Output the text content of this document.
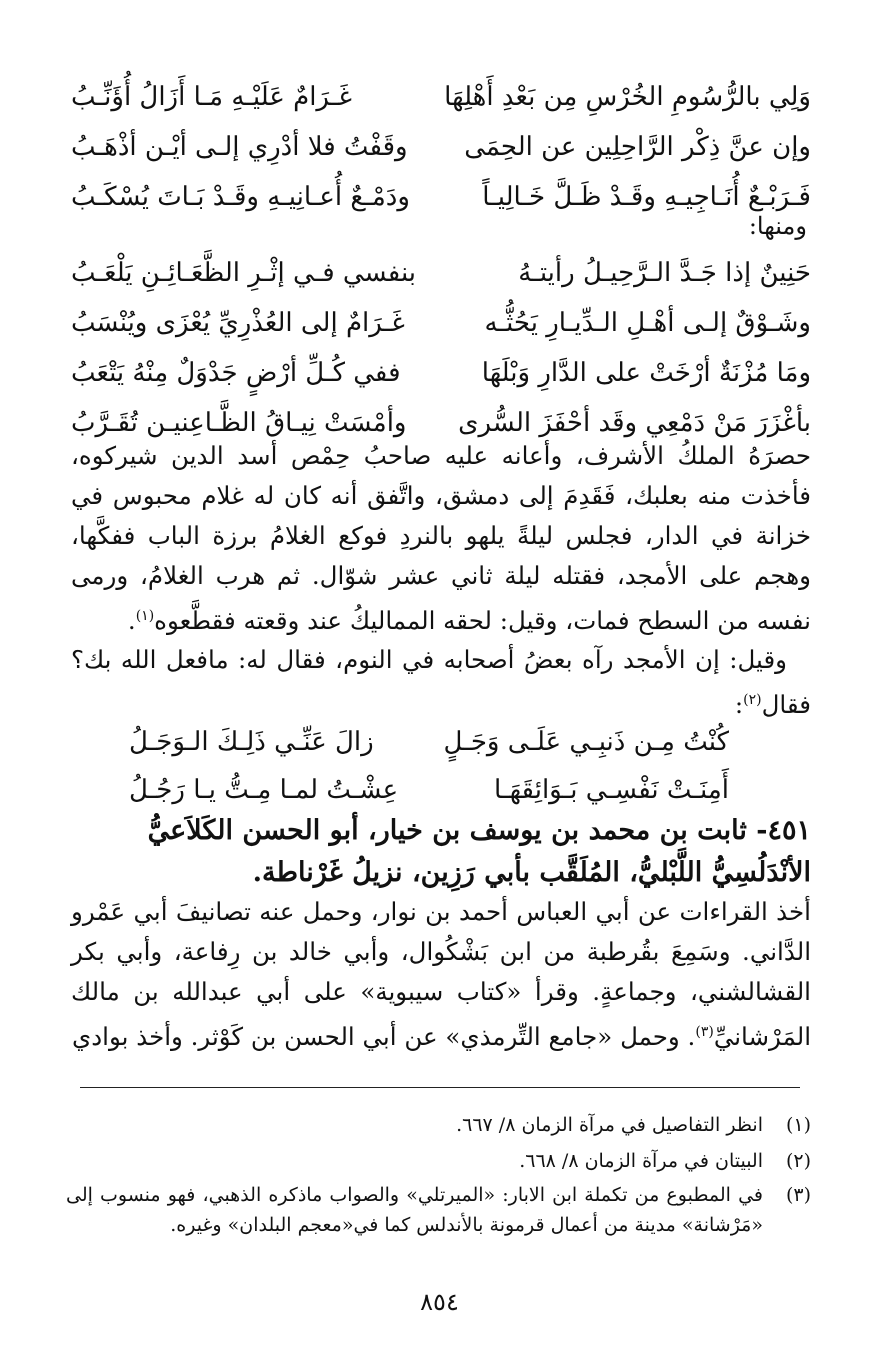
وَلِي بالرُّسُومِ الخُرْسِ مِن بَعْدِ أَهْلِهَا
غَـرَامٌ عَلَيْـهِ مَـا أَزَالُ أُؤَنِّـبُ
وإن عنَّ ذِكْر الرَّاحِلِين عن الحِمَى
وقَفْتُ فلا أدْرِي إلـى أيْـن أذْهَـبُ
فَـرَبْـعٌ أُنَـاجِيـهِ وقَـدْ ظَـلَّ خَـالِيـاً
ودَمْـعٌ أُعـانِيـهِ وقَـدْ بَـاتَ يُسْكَـبُ
ومنها:
حَنِينٌ إذا جَـدَّ الـرَّحِيـلُ رأيتـهُ
بنفسي فـي إثْـرِ الظَّعَـائِـنِ يَلْعَـبُ
وشَـوْقٌ إلـى أهْـلِ الـدِّيـارِ يَحُثُّـه
غَـرَامٌ إلى العُذْرِيِّ يُعْزَى ويُنْسَبُ
ومَا مُزْنَةٌ أرْخَتْ على الدَّارِ وَبْلَهَا
ففي كُـلِّ أرْضٍ جَدْوَلٌ مِنْهُ يَتْعَبُ
بأغْزَرَ مَنْ دَمْعِي وقَد أحْفَزَ السُّرى
وأمْسَتْ نِيـاقُ الظَّـاعِنيـن تُقَـرَّبُ

حصرَهُ الملكُ الأشرف، وأعانه عليه صاحبُ حِمْص أسد الدين شيركوه، فأخذت منه بعلبك، فَقَدِمَ إلى دمشق، واتَّفق أنه كان له غلام محبوس في خزانة في الدار، فجلس ليلةً يلهو بالنردِ فوكع الغلامُ برزة الباب ففكَّها، وهجم على الأمجد، فقتله ليلة ثاني عشر شوّال. ثم هرب الغلامُ، ورمى نفسه من السطح فمات، وقيل: لحقه المماليكُ عند وقعته فقطَّعوه$^{(١)}$.

وقيل: إن الأمجد رآه بعضُ أصحابه في النوم، فقال له: مافعل الله بك؟ فقال$^{(٢)}$:

كُنْتُ مِـن ذَنبِـي عَلَـى وَجَـلٍ
زالَ عَنِّـي ذَلِـكَ الـوَجَـلُ
أَمِنَـتْ نَفْسِـي بَـوَائِقَهَـا
عِشْـتُ لمـا مِـتُّ يـا رَجُـلُ
٤٥١- ثابت بن محمد بن يوسف بن خيار، أبو الحسن الكَلاَعيُّ الأنْدَلُسِيُّ اللَّبْليُّ، المُلَقَّب بأبي رَزِين، نزيلُ غَرْناطة.

أخذ القراءات عن أبي العباس أحمد بن نوار، وحمل عنه تصانيفَ أبي عَمْرو الدَّاني. وسَمِعَ بقُرطبة من ابن بَشْكُوال، وأبي خالد بن رِفاعة، وأبي بكر القشالشني، وجماعةٍ. وقرأ «كتاب سيبوية» على أبي عبدالله بن مالك المَرْشانيِّ$^{(٣)}$. وحمل «جامع التِّرمذي» عن أبي الحسن بن كَوْثر. وأخذ بوادي

(١)
انظر التفاصيل في مرآة الزمان ٨/ ٦٦٧.
(٢)
البيتان في مرآة الزمان ٨/ ٦٦٨.
(٣)
في المطبوع من تكملة ابن الابار: «الميرتلي» والصواب ماذكره الذهبي، فهو منسوب إلى «مَرْشانة» مدينة من أعمال قرمونة بالأندلس كما في«معجم البلدان» وغيره.
٨٥٤
